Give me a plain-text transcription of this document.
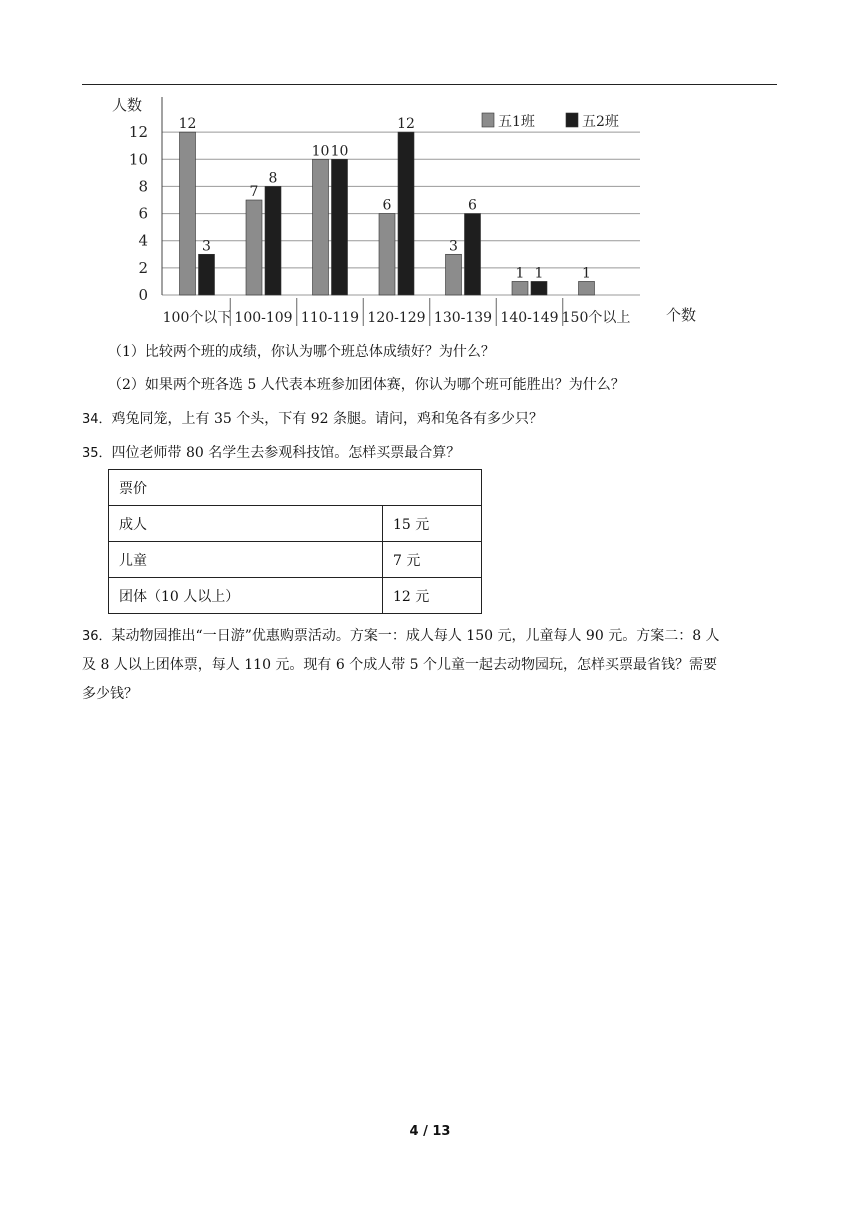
0
2
4
6
8
10
12
人数
12
3
100个以下
7
8
100-109
10 10
110-119
6
12
120-129
3
6
130-139
1 1
140-149
1
150个以上 个数
五1班	五2班
（1）比较两个班的成绩，你认为哪个班总体成绩好？为什么？
（2）如果两个班各选 5 人代表本班参加团体赛，你认为哪个班可能胜出？为什么？
34．鸡兔同笼，上有 35 个头，下有 92 条腿。请问，鸡和兔各有多少只？
35．四位老师带 80 名学生去参观科技馆。怎样买票最合算？
票价	
成人	15 元
儿童	7 元
团体（10 人以上）	12 元
36．某动物园推出“一日游”优惠购票活动。方案一：成人每人 150 元，儿童每人 90 元。方案二：8 人
及 8 人以上团体票，每人 110 元。现有 6 个成人带 5 个儿童一起去动物园玩，怎样买票最省钱？需要
多少钱？
4 / 13
